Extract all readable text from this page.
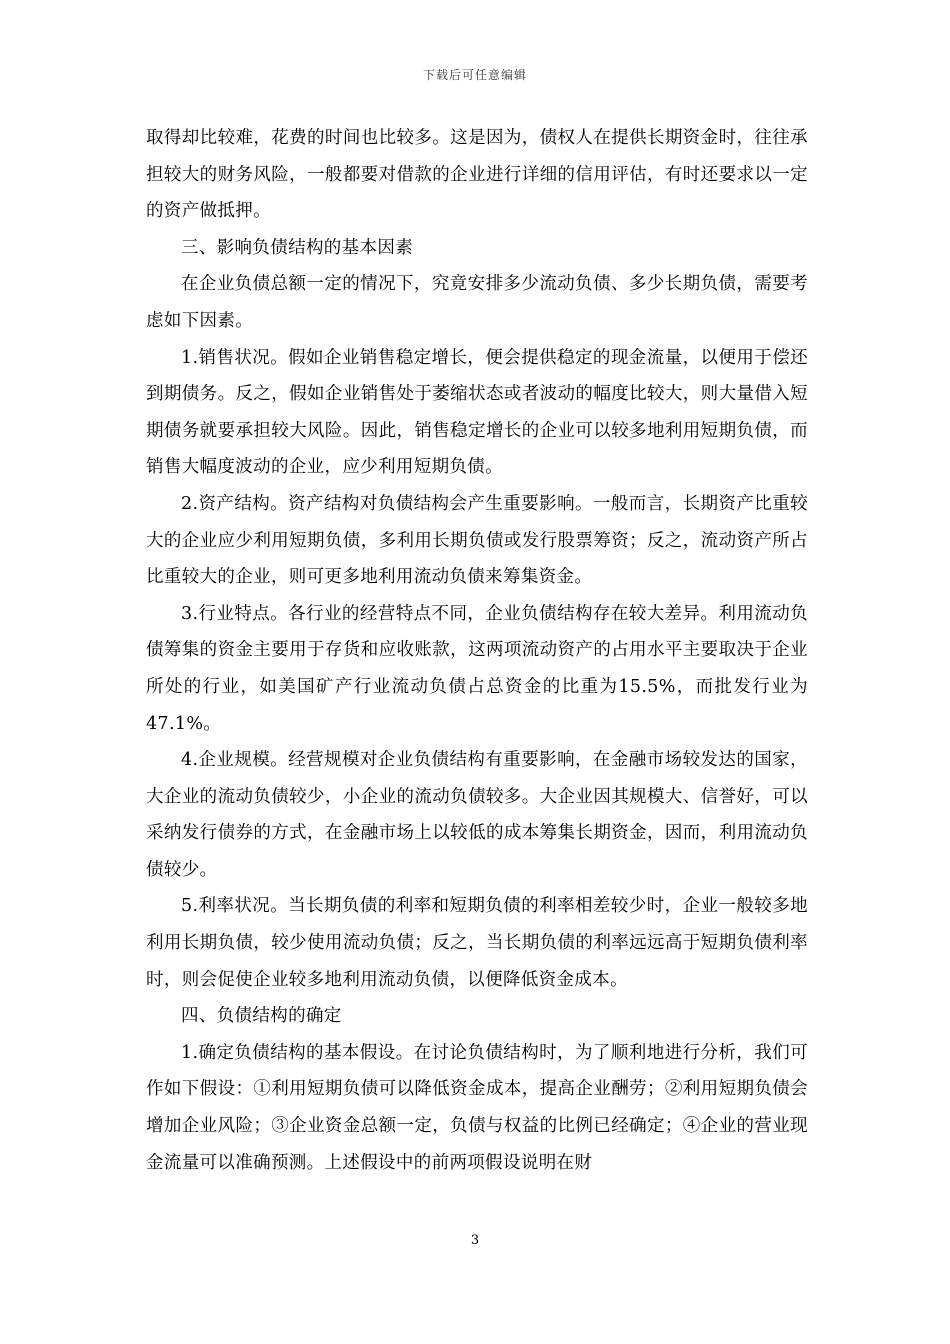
下载后可任意编辑

取得却比较难，花费的时间也比较多。这是因为，债权人在提供长期资金时，往往承担较大的财务风险，一般都要对借款的企业进行详细的信用评估，有时还要求以一定的资产做抵押。

三、影响负债结构的基本因素

在企业负债总额一定的情况下，究竟安排多少流动负债、多少长期负债，需要考虑如下因素。

1.销售状况。假如企业销售稳定增长，便会提供稳定的现金流量，以便用于偿还到期债务。反之，假如企业销售处于萎缩状态或者波动的幅度比较大，则大量借入短期债务就要承担较大风险。因此，销售稳定增长的企业可以较多地利用短期负债，而销售大幅度波动的企业，应少利用短期负债。

2.资产结构。资产结构对负债结构会产生重要影响。一般而言，长期资产比重较大的企业应少利用短期负债，多利用长期负债或发行股票筹资；反之，流动资产所占比重较大的企业，则可更多地利用流动负债来筹集资金。

3.行业特点。各行业的经营特点不同，企业负债结构存在较大差异。利用流动负债筹集的资金主要用于存货和应收账款，这两项流动资产的占用水平主要取决于企业所处的行业，如美国矿产行业流动负债占总资金的比重为15.5%，而批发行业为47.1%。

4.企业规模。经营规模对企业负债结构有重要影响，在金融市场较发达的国家，大企业的流动负债较少，小企业的流动负债较多。大企业因其规模大、信誉好，可以采纳发行债券的方式，在金融市场上以较低的成本筹集长期资金，因而，利用流动负债较少。

5.利率状况。当长期负债的利率和短期负债的利率相差较少时，企业一般较多地利用长期负债，较少使用流动负债；反之，当长期负债的利率远远高于短期负债利率时，则会促使企业较多地利用流动负债，以便降低资金成本。

四、负债结构的确定

1.确定负债结构的基本假设。在讨论负债结构时，为了顺利地进行分析，我们可作如下假设：①利用短期负债可以降低资金成本，提高企业酬劳；②利用短期负债会增加企业风险；③企业资金总额一定，负债与权益的比例已经确定；④企业的营业现金流量可以准确预测。上述假设中的前两项假设说明在财

3
